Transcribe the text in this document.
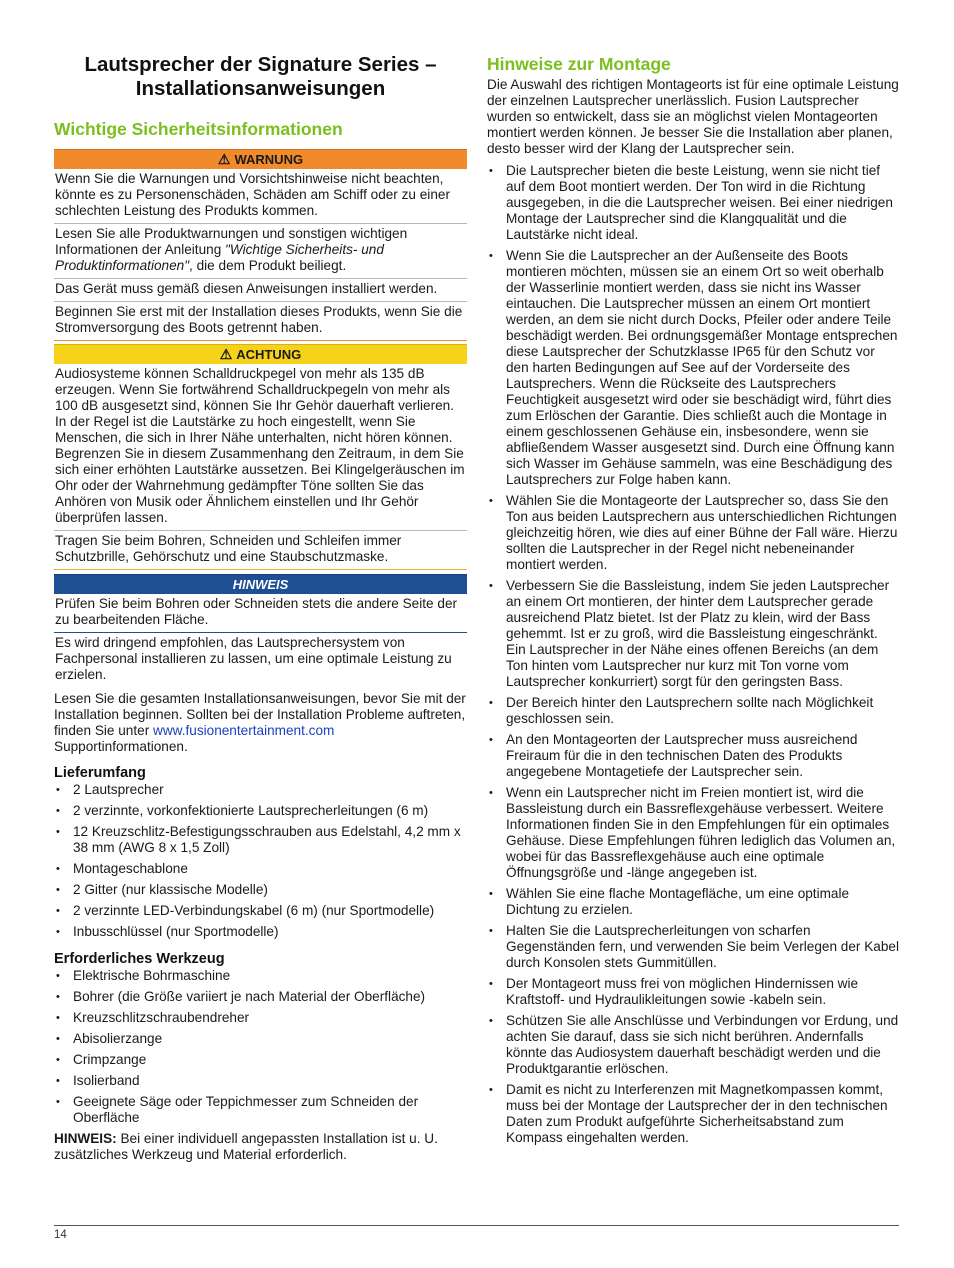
Lautsprecher der Signature Series – Installationsanweisungen
Wichtige Sicherheitsinformationen
⚠ WARNUNG

Wenn Sie die Warnungen und Vorsichtshinweise nicht beachten, könnte es zu Personenschäden, Schäden am Schiff oder zu einer schlechten Leistung des Produkts kommen.

Lesen Sie alle Produktwarnungen und sonstigen wichtigen Informationen der Anleitung "Wichtige Sicherheits- und Produktinformationen", die dem Produkt beiliegt.

Das Gerät muss gemäß diesen Anweisungen installiert werden.

Beginnen Sie erst mit der Installation dieses Produkts, wenn Sie die Stromversorgung des Boots getrennt haben.

⚠ ACHTUNG

Audiosysteme können Schalldruckpegel von mehr als 135 dB erzeugen. Wenn Sie fortwährend Schalldruckpegeln von mehr als 100 dB ausgesetzt sind, können Sie Ihr Gehör dauerhaft verlieren. In der Regel ist die Lautstärke zu hoch eingestellt, wenn Sie Menschen, die sich in Ihrer Nähe unterhalten, nicht hören können. Begrenzen Sie in diesem Zusammenhang den Zeitraum, in dem Sie sich einer erhöhten Lautstärke aussetzen. Bei Klingelgeräuschen im Ohr oder der Wahrnehmung gedämpfter Töne sollten Sie das Anhören von Musik oder Ähnlichem einstellen und Ihr Gehör überprüfen lassen.

Tragen Sie beim Bohren, Schneiden und Schleifen immer Schutzbrille, Gehörschutz und eine Staubschutzmaske.

HINWEIS

Prüfen Sie beim Bohren oder Schneiden stets die andere Seite der zu bearbeitenden Fläche.

Es wird dringend empfohlen, das Lautsprechersystem von Fachpersonal installieren zu lassen, um eine optimale Leistung zu erzielen.

Lesen Sie die gesamten Installationsanweisungen, bevor Sie mit der Installation beginnen. Sollten bei der Installation Probleme auftreten, finden Sie unter www.fusionentertainment.com Supportinformationen.

Lieferumfang
• 2 Lautsprecher
• 2 verzinnte, vorkonfektionierte Lautsprecherleitungen (6 m)
• 12 Kreuzschlitz-Befestigungsschrauben aus Edelstahl, 4,2 mm x 38 mm (AWG 8 x 1,5 Zoll)
• Montageschablone
• 2 Gitter (nur klassische Modelle)
• 2 verzinnte LED-Verbindungskabel (6 m) (nur Sportmodelle)
• Inbusschlüssel (nur Sportmodelle)
Erforderliches Werkzeug
• Elektrische Bohrmaschine
• Bohrer (die Größe variiert je nach Material der Oberfläche)
• Kreuzschlitzschraubendreher
• Abisolierzange
• Crimpzange
• Isolierband
• Geeignete Säge oder Teppichmesser zum Schneiden der Oberfläche

HINWEIS: Bei einer individuell angepassten Installation ist u. U. zusätzliches Werkzeug und Material erforderlich.

Hinweise zur Montage

Die Auswahl des richtigen Montageorts ist für eine optimale Leistung der einzelnen Lautsprecher unerlässlich. Fusion Lautsprecher wurden so entwickelt, dass sie an möglichst vielen Montageorten montiert werden können. Je besser Sie die Installation aber planen, desto besser wird der Klang der Lautsprecher sein.

• Die Lautsprecher bieten die beste Leistung, wenn sie nicht tief auf dem Boot montiert werden. Der Ton wird in die Richtung ausgegeben, in die die Lautsprecher weisen. Bei einer niedrigen Montage der Lautsprecher sind die Klangqualität und die Lautstärke nicht ideal.
• Wenn Sie die Lautsprecher an der Außenseite des Boots montieren möchten, müssen sie an einem Ort so weit oberhalb der Wasserlinie montiert werden, dass sie nicht ins Wasser eintauchen. Die Lautsprecher müssen an einem Ort montiert werden, an dem sie nicht durch Docks, Pfeiler oder andere Teile beschädigt werden. Bei ordnungsgemäßer Montage entsprechen diese Lautsprecher der Schutzklasse IP65 für den Schutz vor den harten Bedingungen auf See auf der Vorderseite des Lautsprechers. Wenn die Rückseite des Lautsprechers Feuchtigkeit ausgesetzt wird oder sie beschädigt wird, führt dies zum Erlöschen der Garantie. Dies schließt auch die Montage in einem geschlossenen Gehäuse ein, insbesondere, wenn sie abfließendem Wasser ausgesetzt sind. Durch eine Öffnung kann sich Wasser im Gehäuse sammeln, was eine Beschädigung des Lautsprechers zur Folge haben kann.
• Wählen Sie die Montageorte der Lautsprecher so, dass Sie den Ton aus beiden Lautsprechern aus unterschiedlichen Richtungen gleichzeitig hören, wie dies auf einer Bühne der Fall wäre. Hierzu sollten die Lautsprecher in der Regel nicht nebeneinander montiert werden.
• Verbessern Sie die Bassleistung, indem Sie jeden Lautsprecher an einem Ort montieren, der hinter dem Lautsprecher gerade ausreichend Platz bietet. Ist der Platz zu klein, wird der Bass gehemmt. Ist er zu groß, wird die Bassleistung eingeschränkt. Ein Lautsprecher in der Nähe eines offenen Bereichs (an dem Ton hinten vom Lautsprecher nur kurz mit Ton vorne vom Lautsprecher konkurriert) sorgt für den geringsten Bass.
• Der Bereich hinter den Lautsprechern sollte nach Möglichkeit geschlossen sein.
• An den Montageorten der Lautsprecher muss ausreichend Freiraum für die in den technischen Daten des Produkts angegebene Montagetiefe der Lautsprecher sein.
• Wenn ein Lautsprecher nicht im Freien montiert ist, wird die Bassleistung durch ein Bassreflexgehäuse verbessert. Weitere Informationen finden Sie in den Empfehlungen für ein optimales Gehäuse. Diese Empfehlungen führen lediglich das Volumen an, wobei für das Bassreflexgehäuse auch eine optimale Öffnungsgröße und -länge angegeben ist.
• Wählen Sie eine flache Montagefläche, um eine optimale Dichtung zu erzielen.
• Halten Sie die Lautsprecherleitungen von scharfen Gegenständen fern, und verwenden Sie beim Verlegen der Kabel durch Konsolen stets Gummitüllen.
• Der Montageort muss frei von möglichen Hindernissen wie Kraftstoff- und Hydraulikleitungen sowie -kabeln sein.
• Schützen Sie alle Anschlüsse und Verbindungen vor Erdung, und achten Sie darauf, dass sie sich nicht berühren. Andernfalls könnte das Audiosystem dauerhaft beschädigt werden und die Produktgarantie erlöschen.
• Damit es nicht zu Interferenzen mit Magnetkompassen kommt, muss bei der Montage der Lautsprecher der in den technischen Daten zum Produkt aufgeführte Sicherheitsabstand zum Kompass eingehalten werden.
14
